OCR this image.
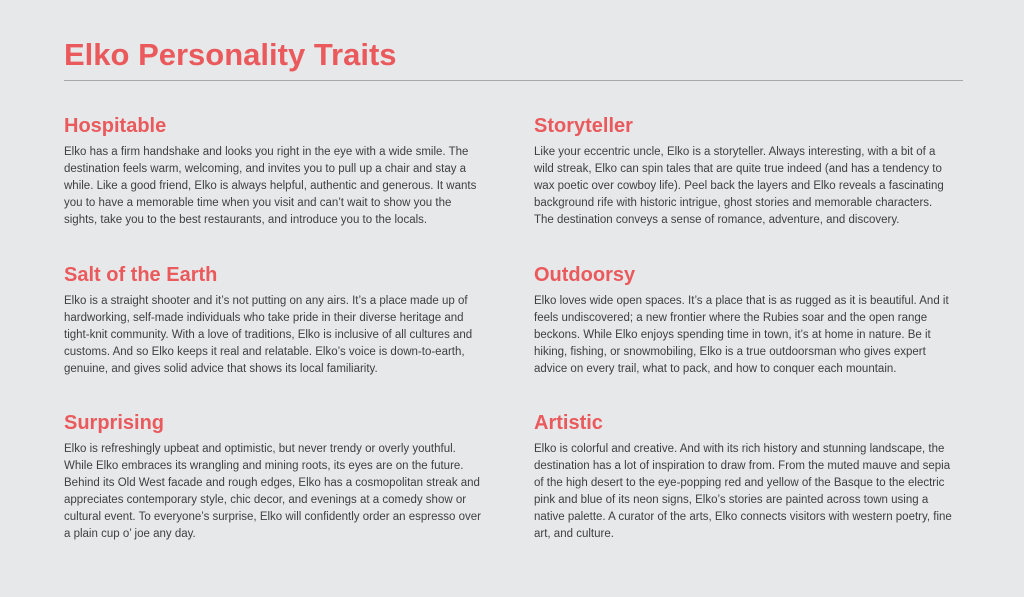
Elko Personality Traits
Hospitable

Elko has a firm handshake and looks you right in the eye with a wide smile. The destination feels warm, welcoming, and invites you to pull up a chair and stay a while. Like a good friend, Elko is always helpful, authentic and generous. It wants you to have a memorable time when you visit and can’t wait to show you the sights, take you to the best restaurants, and introduce you to the locals.

Storyteller

Like your eccentric uncle, Elko is a storyteller. Always interesting, with a bit of a wild streak, Elko can spin tales that are quite true indeed (and has a tendency to wax poetic over cowboy life). Peel back the layers and Elko reveals a fascinating background rife with historic intrigue, ghost stories and memorable characters. The destination conveys a sense of romance, adventure, and discovery.

Salt of the Earth

Elko is a straight shooter and it’s not putting on any airs. It’s a place made up of hardworking, self-made individuals who take pride in their diverse heritage and tight-knit community. With a love of traditions, Elko is inclusive of all cultures and customs. And so Elko keeps it real and relatable. Elko’s voice is down-to-earth, genuine, and gives solid advice that shows its local familiarity.

Outdoorsy

Elko loves wide open spaces. It’s a place that is as rugged as it is beautiful. And it feels undiscovered; a new frontier where the Rubies soar and the open range beckons. While Elko enjoys spending time in town, it’s at home in nature. Be it hiking, fishing, or snowmobiling, Elko is a true outdoorsman who gives expert advice on every trail, what to pack, and how to conquer each mountain.

Surprising

Elko is refreshingly upbeat and optimistic, but never trendy or overly youthful. While Elko embraces its wrangling and mining roots, its eyes are on the future. Behind its Old West facade and rough edges, Elko has a cosmopolitan streak and appreciates contemporary style, chic decor, and evenings at a comedy show or cultural event. To everyone’s surprise, Elko will confidently order an espresso over a plain cup o’ joe any day.

Artistic

Elko is colorful and creative. And with its rich history and stunning landscape, the destination has a lot of inspiration to draw from. From the muted mauve and sepia of the high desert to the eye-popping red and yellow of the Basque to the electric pink and blue of its neon signs, Elko’s stories are painted across town using a native palette. A curator of the arts, Elko connects visitors with western poetry, fine art, and culture.
